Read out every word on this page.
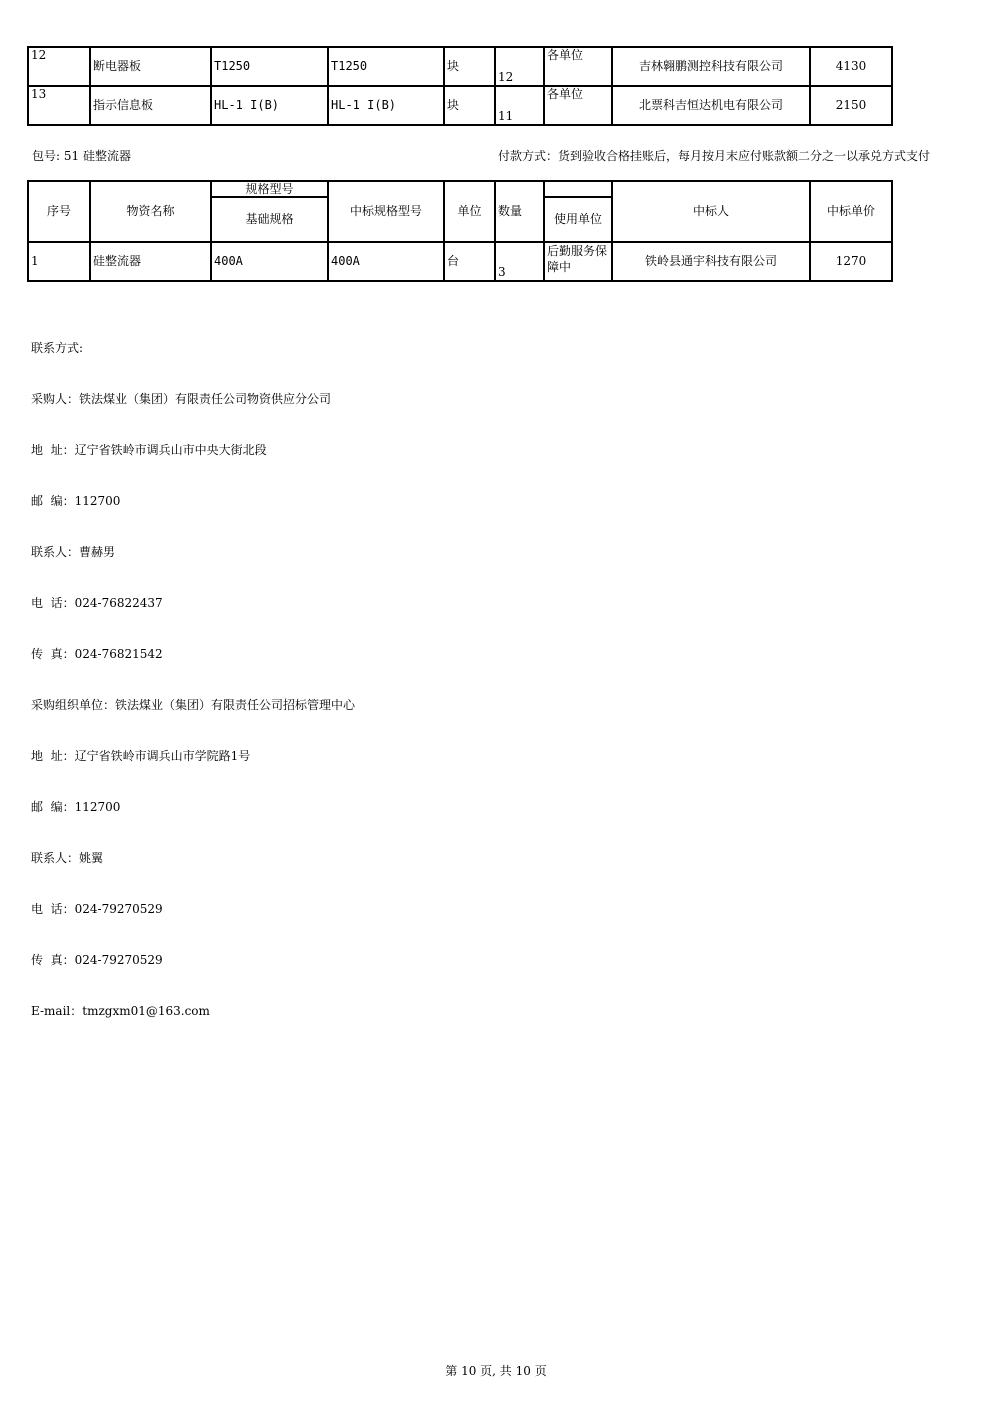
12	断电器板	T1250	T1250	块	12	各单位	吉林翱鹏测控科技有限公司	4130
13	指示信息板	HL-1 I(B)	HL-1 I(B)	块	11	各单位	北票科吉恒达机电有限公司	2150
包号: 51 硅整流器	付款方式：货到验收合格挂账后，每月按月末应付账款额二分之一以承兑方式支付
序号	物资名称	规格型号	中标规格型号	单位	数量		中标人	中标单价
		基础规格				使用单位		
1	硅整流器	400A	400A	台	3	后勤服务保障中	铁岭县通宇科技有限公司	1270

联系方式:

采购人：铁法煤业（集团）有限责任公司物资供应分公司

地  址：辽宁省铁岭市调兵山市中央大街北段

邮  编：112700

联系人：曹赫男

电  话：024-76822437

传  真：024-76821542

采购组织单位：铁法煤业（集团）有限责任公司招标管理中心

地  址：辽宁省铁岭市调兵山市学院路1号

邮  编：112700

联系人：姚翼

电  话：024-79270529

传  真：024-79270529

E-mail：tmzgxm01@163.com

第 10 页, 共 10 页
